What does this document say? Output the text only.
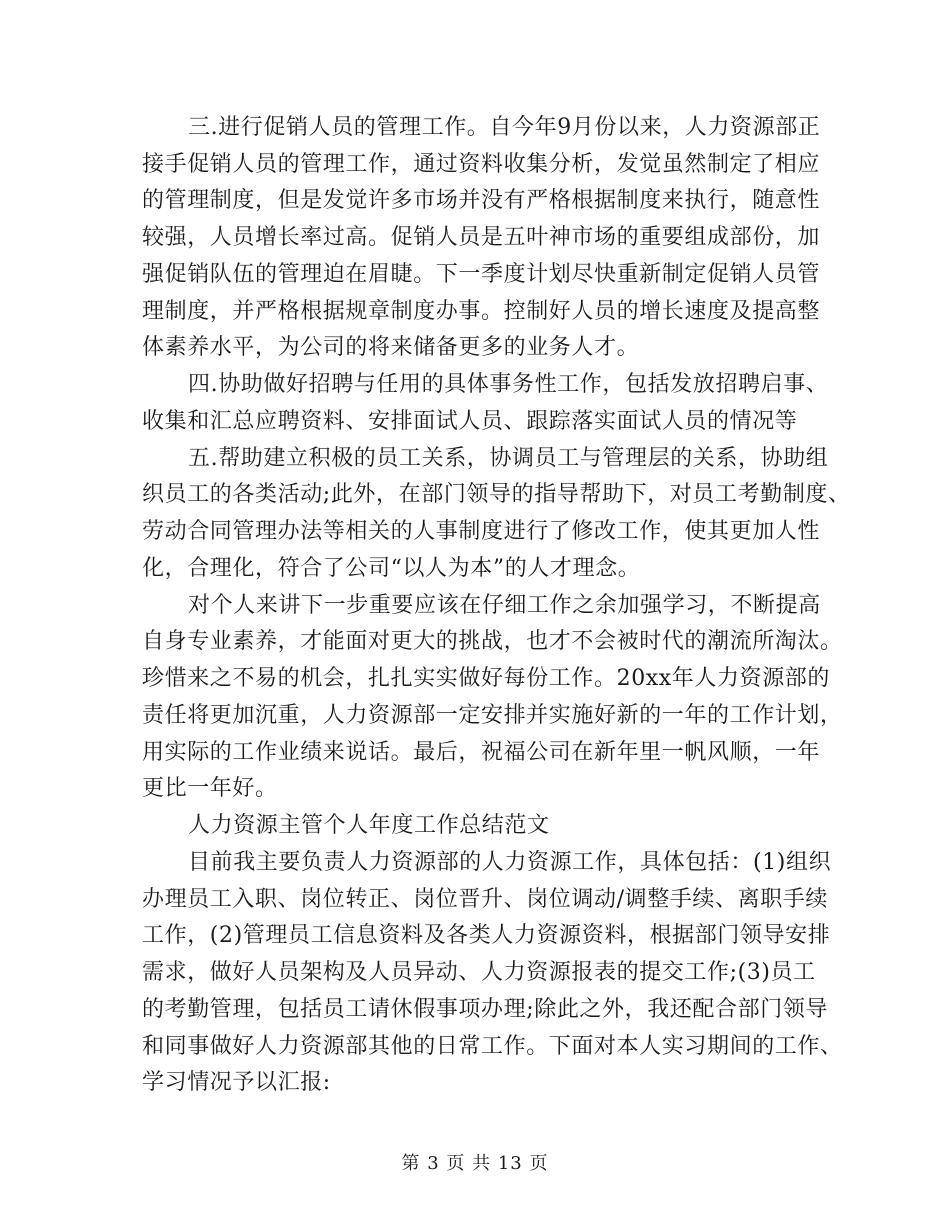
三.进行促销人员的管理工作。自今年9月份以来，人力资源部正
接手促销人员的管理工作，通过资料收集分析，发觉虽然制定了相应
的管理制度，但是发觉许多市场并没有严格根据制度来执行，随意性
较强，人员增长率过高。促销人员是五叶神市场的重要组成部份，加
强促销队伍的管理迫在眉睫。下一季度计划尽快重新制定促销人员管
理制度，并严格根据规章制度办事。控制好人员的增长速度及提高整
体素养水平，为公司的将来储备更多的业务人才。
四.协助做好招聘与任用的具体事务性工作，包括发放招聘启事、
收集和汇总应聘资料、安排面试人员、跟踪落实面试人员的情况等
五.帮助建立积极的员工关系，协调员工与管理层的关系，协助组
织员工的各类活动;此外，在部门领导的指导帮助下，对员工考勤制度、
劳动合同管理办法等相关的人事制度进行了修改工作，使其更加人性
化，合理化，符合了公司“以人为本”的人才理念。
对个人来讲下一步重要应该在仔细工作之余加强学习，不断提高
自身专业素养，才能面对更大的挑战，也才不会被时代的潮流所淘汰。
珍惜来之不易的机会，扎扎实实做好每份工作。20xx年人力资源部的
责任将更加沉重，人力资源部一定安排并实施好新的一年的工作计划，
用实际的工作业绩来说话。最后，祝福公司在新年里一帆风顺，一年
更比一年好。
人力资源主管个人年度工作总结范文
目前我主要负责人力资源部的人力资源工作，具体包括：(1)组织
办理员工入职、岗位转正、岗位晋升、岗位调动/调整手续、离职手续
工作，(2)管理员工信息资料及各类人力资源资料，根据部门领导安排
需求，做好人员架构及人员异动、人力资源报表的提交工作;(3)员工
的考勤管理，包括员工请休假事项办理;除此之外，我还配合部门领导
和同事做好人力资源部其他的日常工作。下面对本人实习期间的工作、
学习情况予以汇报:
第 3 页 共 13 页
